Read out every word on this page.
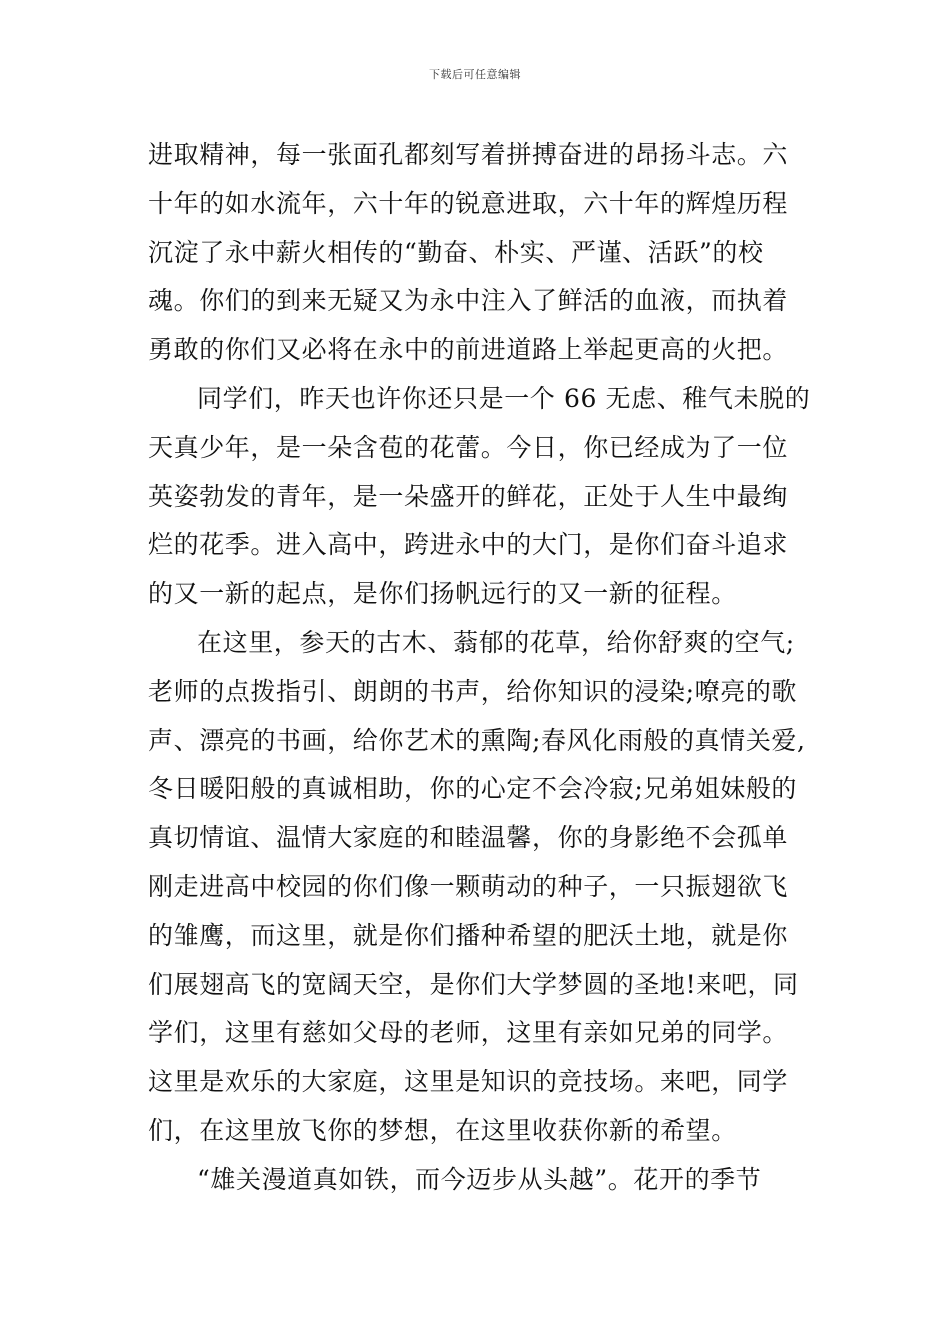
下载后可任意编辑
进取精神，每一张面孔都刻写着拼搏奋进的昂扬斗志。六
十年的如水流年，六十年的锐意进取，六十年的辉煌历程
沉淀了永中薪火相传的“勤奋、朴实、严谨、活跃”的校
魂。你们的到来无疑又为永中注入了鲜活的血液，而执着
勇敢的你们又必将在永中的前进道路上举起更高的火把。
同学们，昨天也许你还只是一个 66 无虑、稚气未脱的
天真少年，是一朵含苞的花蕾。今日，你已经成为了一位
英姿勃发的青年，是一朵盛开的鲜花，正处于人生中最绚
烂的花季。进入高中，跨进永中的大门，是你们奋斗追求
的又一新的起点，是你们扬帆远行的又一新的征程。
在这里，参天的古木、蓊郁的花草，给你舒爽的空气;
老师的点拨指引、朗朗的书声，给你知识的浸染;嘹亮的歌
声、漂亮的书画，给你艺术的熏陶;春风化雨般的真情关爱,
冬日暖阳般的真诚相助，你的心定不会冷寂;兄弟姐妹般的
真切情谊、温情大家庭的和睦温馨，你的身影绝不会孤单
刚走进高中校园的你们像一颗萌动的种子，一只振翅欲飞
的雏鹰，而这里，就是你们播种希望的肥沃土地，就是你
们展翅高飞的宽阔天空，是你们大学梦圆的圣地!来吧，同
学们，这里有慈如父母的老师，这里有亲如兄弟的同学。
这里是欢乐的大家庭，这里是知识的竞技场。来吧，同学
们，在这里放飞你的梦想，在这里收获你新的希望。
“雄关漫道真如铁，而今迈步从头越”。花开的季节
